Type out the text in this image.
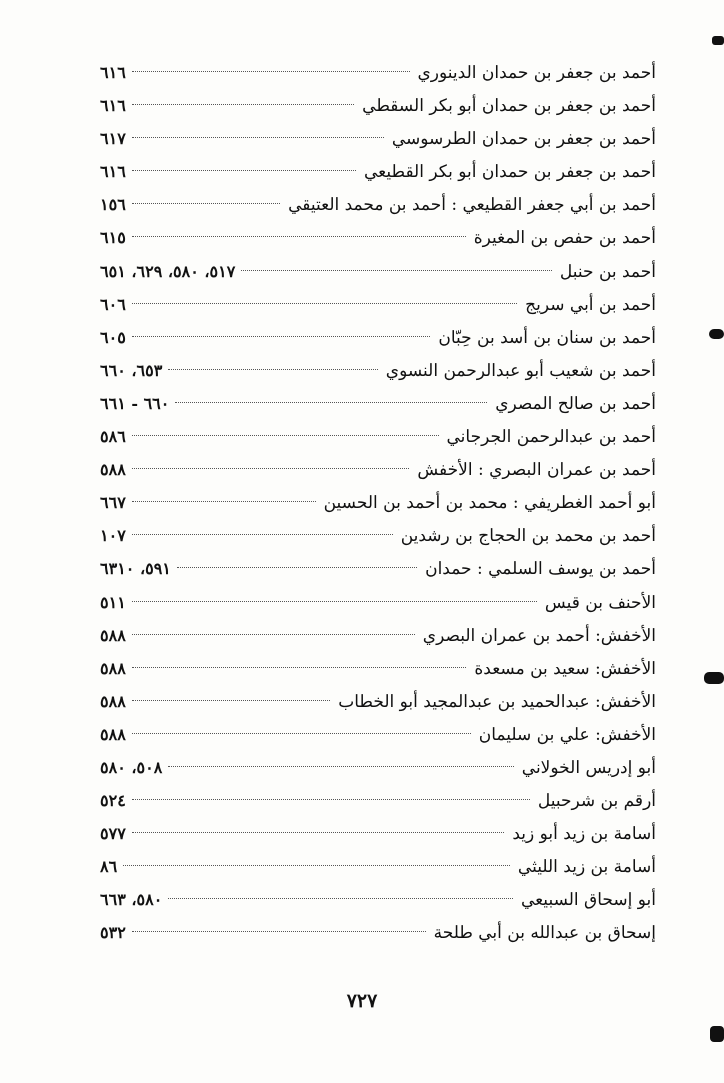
أحمد بن جعفر بن حمدان الدينوري
٦١٦
أحمد بن جعفر بن حمدان أبو بكر السقطي
٦١٦
أحمد بن جعفر بن حمدان الطرسوسي
٦١٧
أحمد بن جعفر بن حمدان أبو بكر القطيعي
٦١٦
أحمد بن أبي جعفر القطيعي : أحمد بن محمد العتيقي
١٥٦
أحمد بن حفص بن المغيرة
٦١٥
أحمد بن حنبل
٥١٧، ٥٨٠، ٦٢٩، ٦٥١
أحمد بن أبي سريج
٦٠٦
أحمد بن سنان بن أسد بن حِبّان
٦٠٥
أحمد بن شعيب أبو عبدالرحمن النسوي
٦٥٣، ٦٦٠
أحمد بن صالح المصري
٦٦٠ - ٦٦١
أحمد بن عبدالرحمن الجرجاني
٥٨٦
أحمد بن عمران البصري : الأخفش
٥٨٨
أبو أحمد الغطريفي : محمد بن أحمد بن الحسين
٦٦٧
أحمد بن محمد بن الحجاج بن رشدين
١٠٧
أحمد بن يوسف السلمي : حمدان
٥٩١، ٦٣١٠
الأحنف بن قيس
٥١١
الأخفش: أحمد بن عمران البصري
٥٨٨
الأخفش: سعيد بن مسعدة
٥٨٨
الأخفش: عبدالحميد بن عبدالمجيد أبو الخطاب
٥٨٨
الأخفش: علي بن سليمان
٥٨٨
أبو إدريس الخولاني
٥٠٨، ٥٨٠
أرقم بن شرحبيل
٥٢٤
أسامة بن زيد أبو زيد
٥٧٧
أسامة بن زيد الليثي
٨٦
أبو إسحاق السبيعي
٥٨٠، ٦٦٣
إسحاق بن عبدالله بن أبي طلحة
٥٣٢
٧٢٧
